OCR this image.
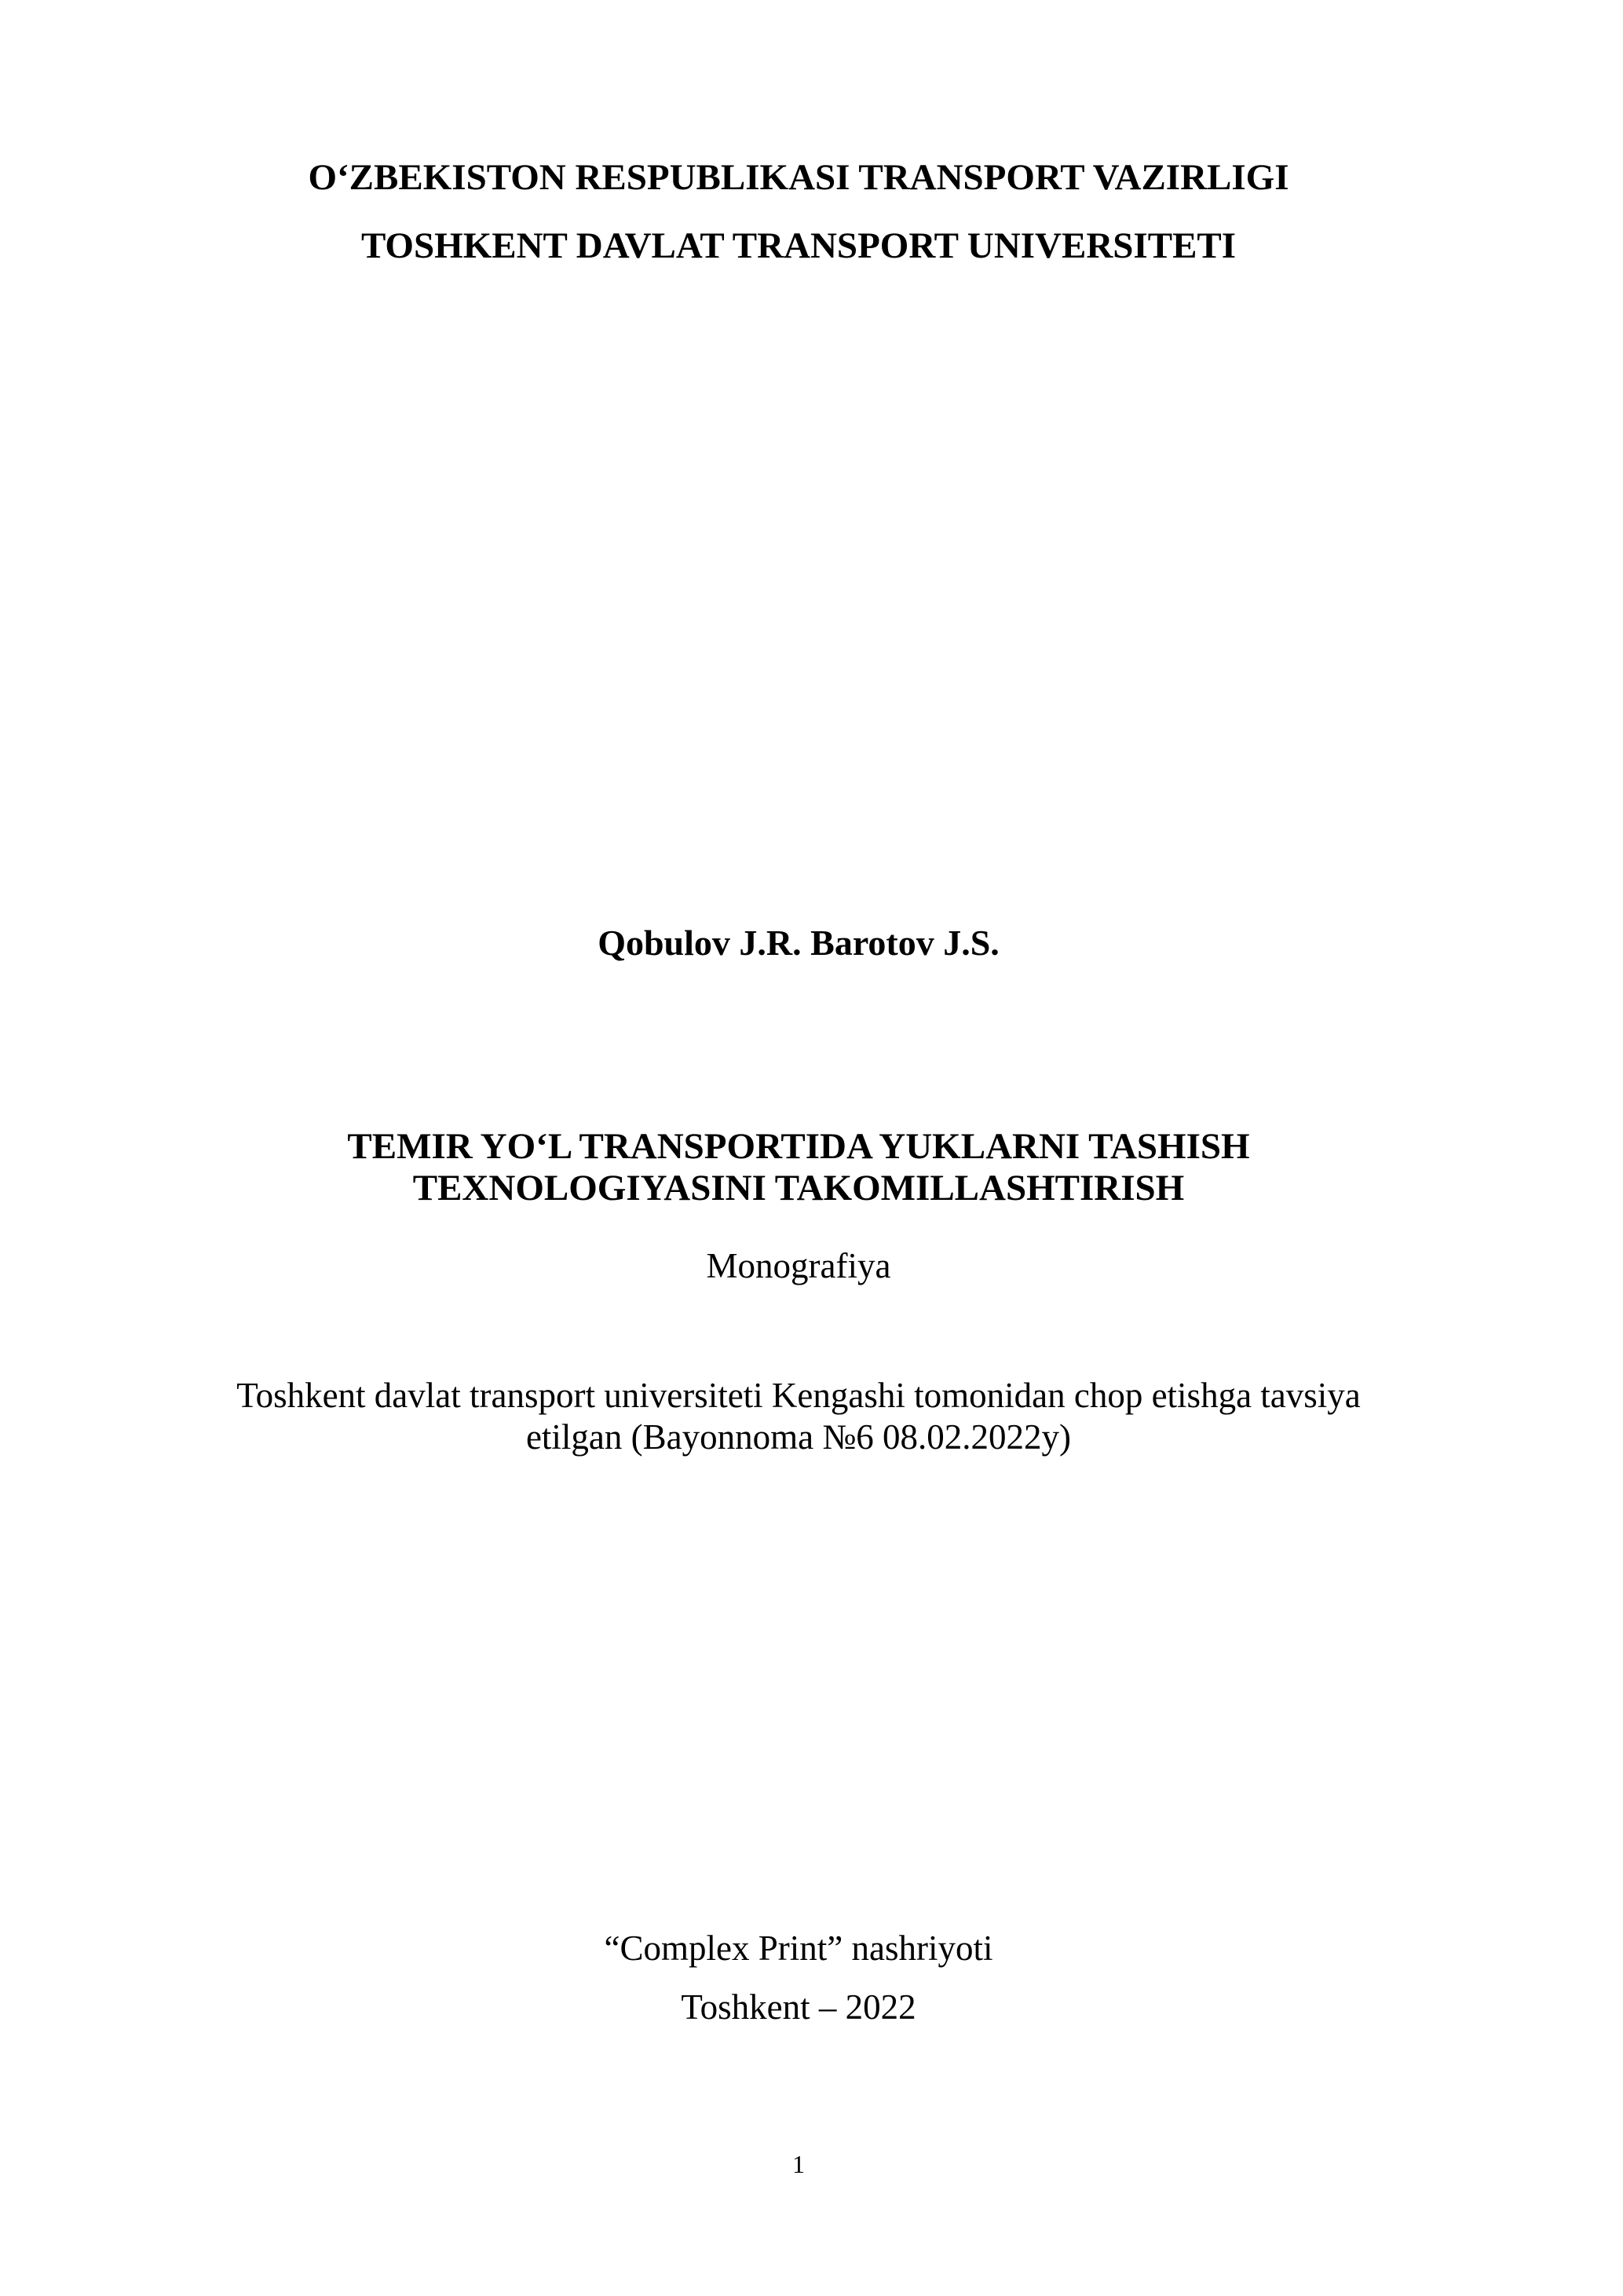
O‘ZBEKISTON RESPUBLIKASI TRANSPORT VAZIRLIGI
TOSHKENT DAVLAT TRANSPORT UNIVERSITETI
Qobulov J.R. Barotov J.S.
TEMIR YO‘L TRANSPORTIDA YUKLARNI TASHISH
TEXNOLOGIYASINI TAKOMILLASHTIRISH
Monografiya
Toshkent davlat transport universiteti Kengashi tomonidan chop etishga tavsiya
etilgan (Bayonnoma №6 08.02.2022y)
“Complex Print” nashriyoti
Toshkent – 2022
1
